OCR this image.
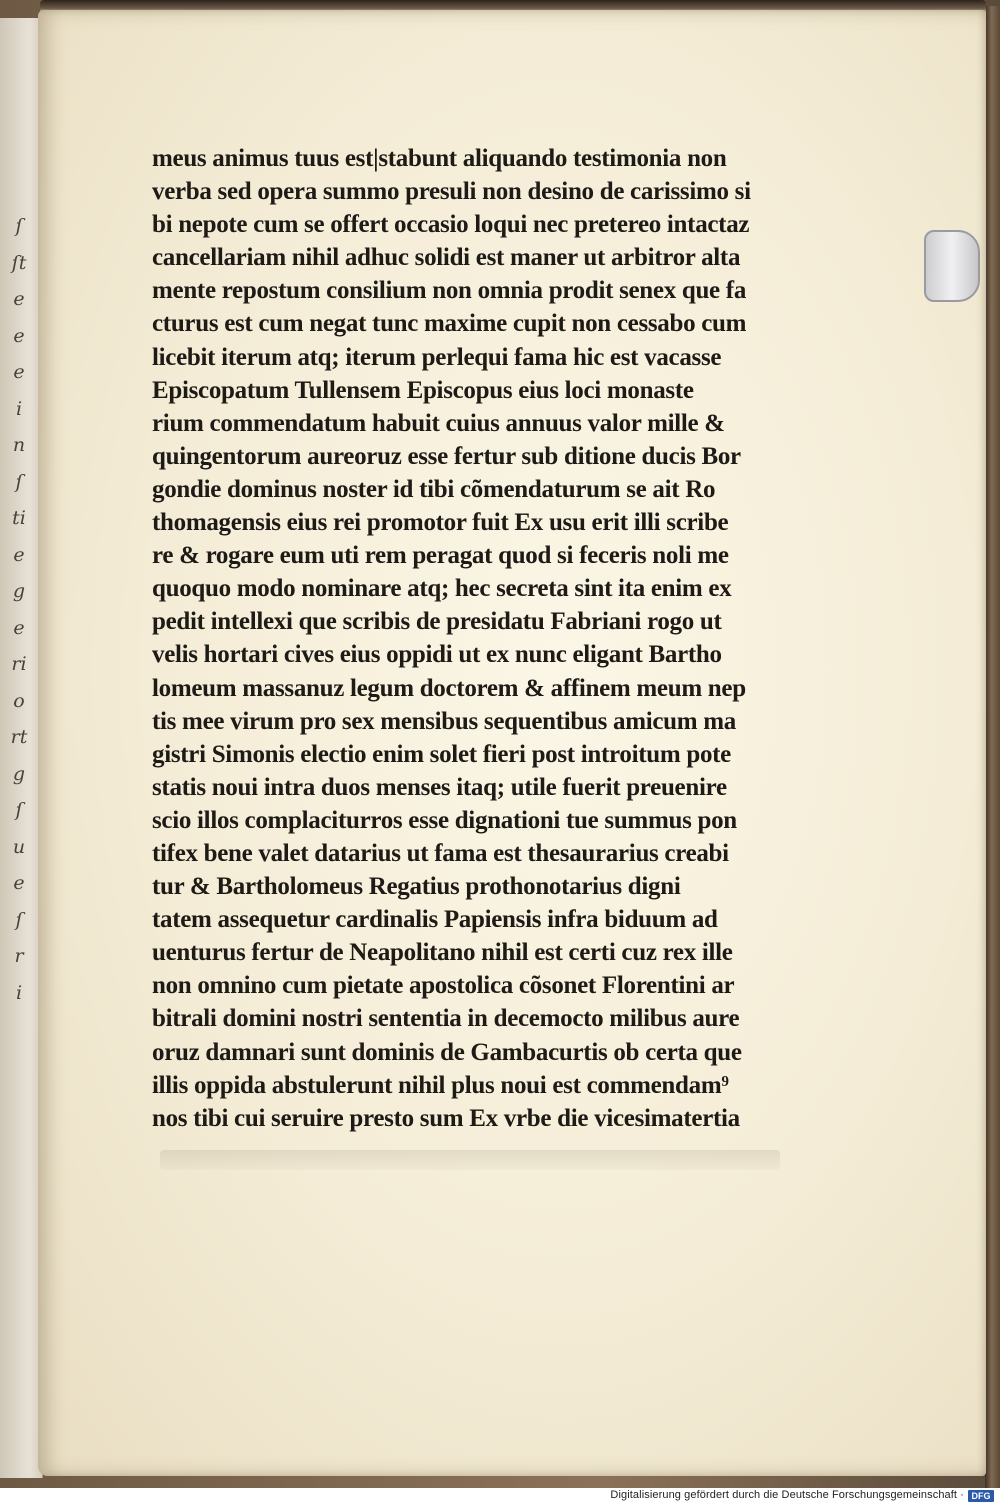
ſ
ſt
e
e
e
i
n
ſ
ti
e
g
e
ri
o
rt
g
ſ
u
e
ſ
r
i
meus animus tuus est|stabunt aliquando testimonia non
verba sed opera summo presuli non desino de carissimo si
bi nepote cum se offert occasio loqui nec pretereo intactaz
cancellariam nihil adhuc solidi est maner ut arbitror alta
mente repostum consilium non omnia prodit senex que fa
cturus est cum negat tunc maxime cupit non cessabo cum
licebit iterum atq; iterum perlequi fama hic est vacasse
Episcopatum Tullensem Episcopus eius loci monaste
rium commendatum habuit cuius annuus valor mille &
quingentorum aureoruz esse fertur sub ditione ducis Bor
gondie dominus noster id tibi cõmendaturum se ait Ro
thomagensis eius rei promotor fuit Ex usu erit illi scribe
re & rogare eum uti rem peragat quod si feceris noli me
quoquo modo nominare atq; hec secreta sint ita enim ex
pedit intellexi que scribis de presidatu Fabriani rogo ut
velis hortari cives eius oppidi ut ex nunc eligant Bartho
lomeum massanuz legum doctorem & affinem meum nep
tis mee virum pro sex mensibus sequentibus amicum ma
gistri Simonis electio enim solet fieri post introitum pote
statis noui intra duos menses itaq; utile fuerit preuenire
scio illos complaciturros esse dignationi tue summus pon
tifex bene valet datarius ut fama est thesaurarius creabi
tur & Bartholomeus Regatius prothonotarius digni
tatem assequetur cardinalis Papiensis infra biduum ad
uenturus fertur de Neapolitano nihil est certi cuz rex ille
non omnino cum pietate apostolica cõsonet Florentini ar
bitrali domini nostri sententia in decemocto milibus aure
oruz damnari sunt dominis de Gambacurtis ob certa que
illis oppida abstulerunt nihil plus noui est commendam⁹
nos tibi cui seruire presto sum Ex vrbe die vicesimatertia
Digitalisierung gefördert durch die Deutsche Forschungsgemeinschaft · DFG
